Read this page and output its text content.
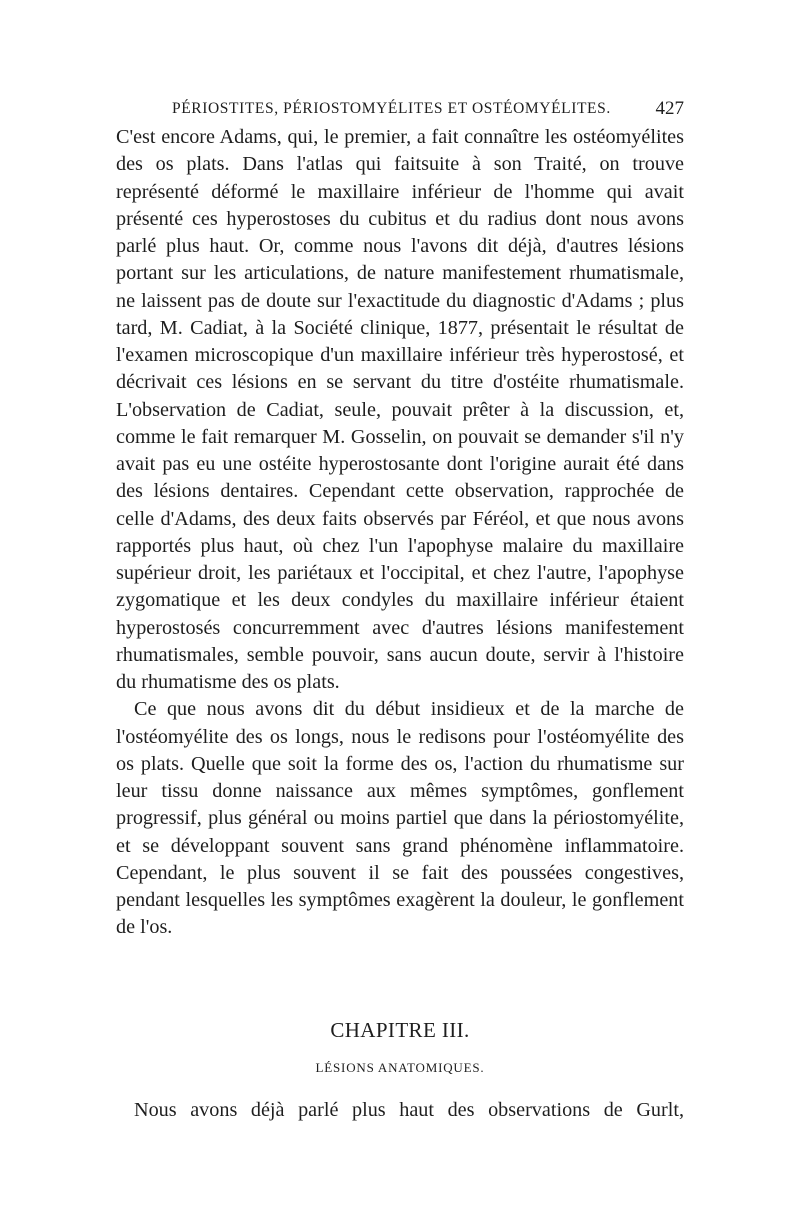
PÉRIOSTITES, PÉRIOSTOMYÉLITES ET OSTÉOMYÉLITES. 427

C'est encore Adams, qui, le premier, a fait connaître les ostéomyélites des os plats. Dans l'atlas qui faitsuite à son Traité, on trouve représenté déformé le maxillaire inférieur de l'homme qui avait présenté ces hyperostoses du cubitus et du radius dont nous avons parlé plus haut. Or, comme nous l'avons dit déjà, d'autres lésions portant sur les articulations, de nature manifestement rhumatismale, ne laissent pas de doute sur l'exactitude du diagnostic d'Adams ; plus tard, M. Cadiat, à la Société clinique, 1877, présentait le résultat de l'examen microscopique d'un maxillaire inférieur très hyperostosé, et décrivait ces lésions en se servant du titre d'ostéite rhumatismale. L'observation de Cadiat, seule, pouvait prêter à la discussion, et, comme le fait remarquer M. Gosselin, on pouvait se demander s'il n'y avait pas eu une ostéite hyperostosante dont l'origine aurait été dans des lésions dentaires. Cependant cette observation, rapprochée de celle d'Adams, des deux faits observés par Féréol, et que nous avons rapportés plus haut, où chez l'un l'apophyse malaire du maxillaire supérieur droit, les pariétaux et l'occipital, et chez l'autre, l'apophyse zygomatique et les deux condyles du maxillaire inférieur étaient hyperostosés concurremment avec d'autres lésions manifestement rhumatismales, semble pouvoir, sans aucun doute, servir à l'histoire du rhumatisme des os plats.

Ce que nous avons dit du début insidieux et de la marche de l'ostéomyélite des os longs, nous le redisons pour l'ostéomyélite des os plats. Quelle que soit la forme des os, l'action du rhumatisme sur leur tissu donne naissance aux mêmes symptômes, gonflement progressif, plus général ou moins partiel que dans la périostomyélite, et se développant souvent sans grand phénomène inflammatoire. Cependant, le plus souvent il se fait des poussées congestives, pendant lesquelles les symptômes exagèrent la douleur, le gonflement de l'os.

CHAPITRE III.
LÉSIONS ANATOMIQUES.
Nous avons déjà parlé plus haut des observations de Gurlt,
